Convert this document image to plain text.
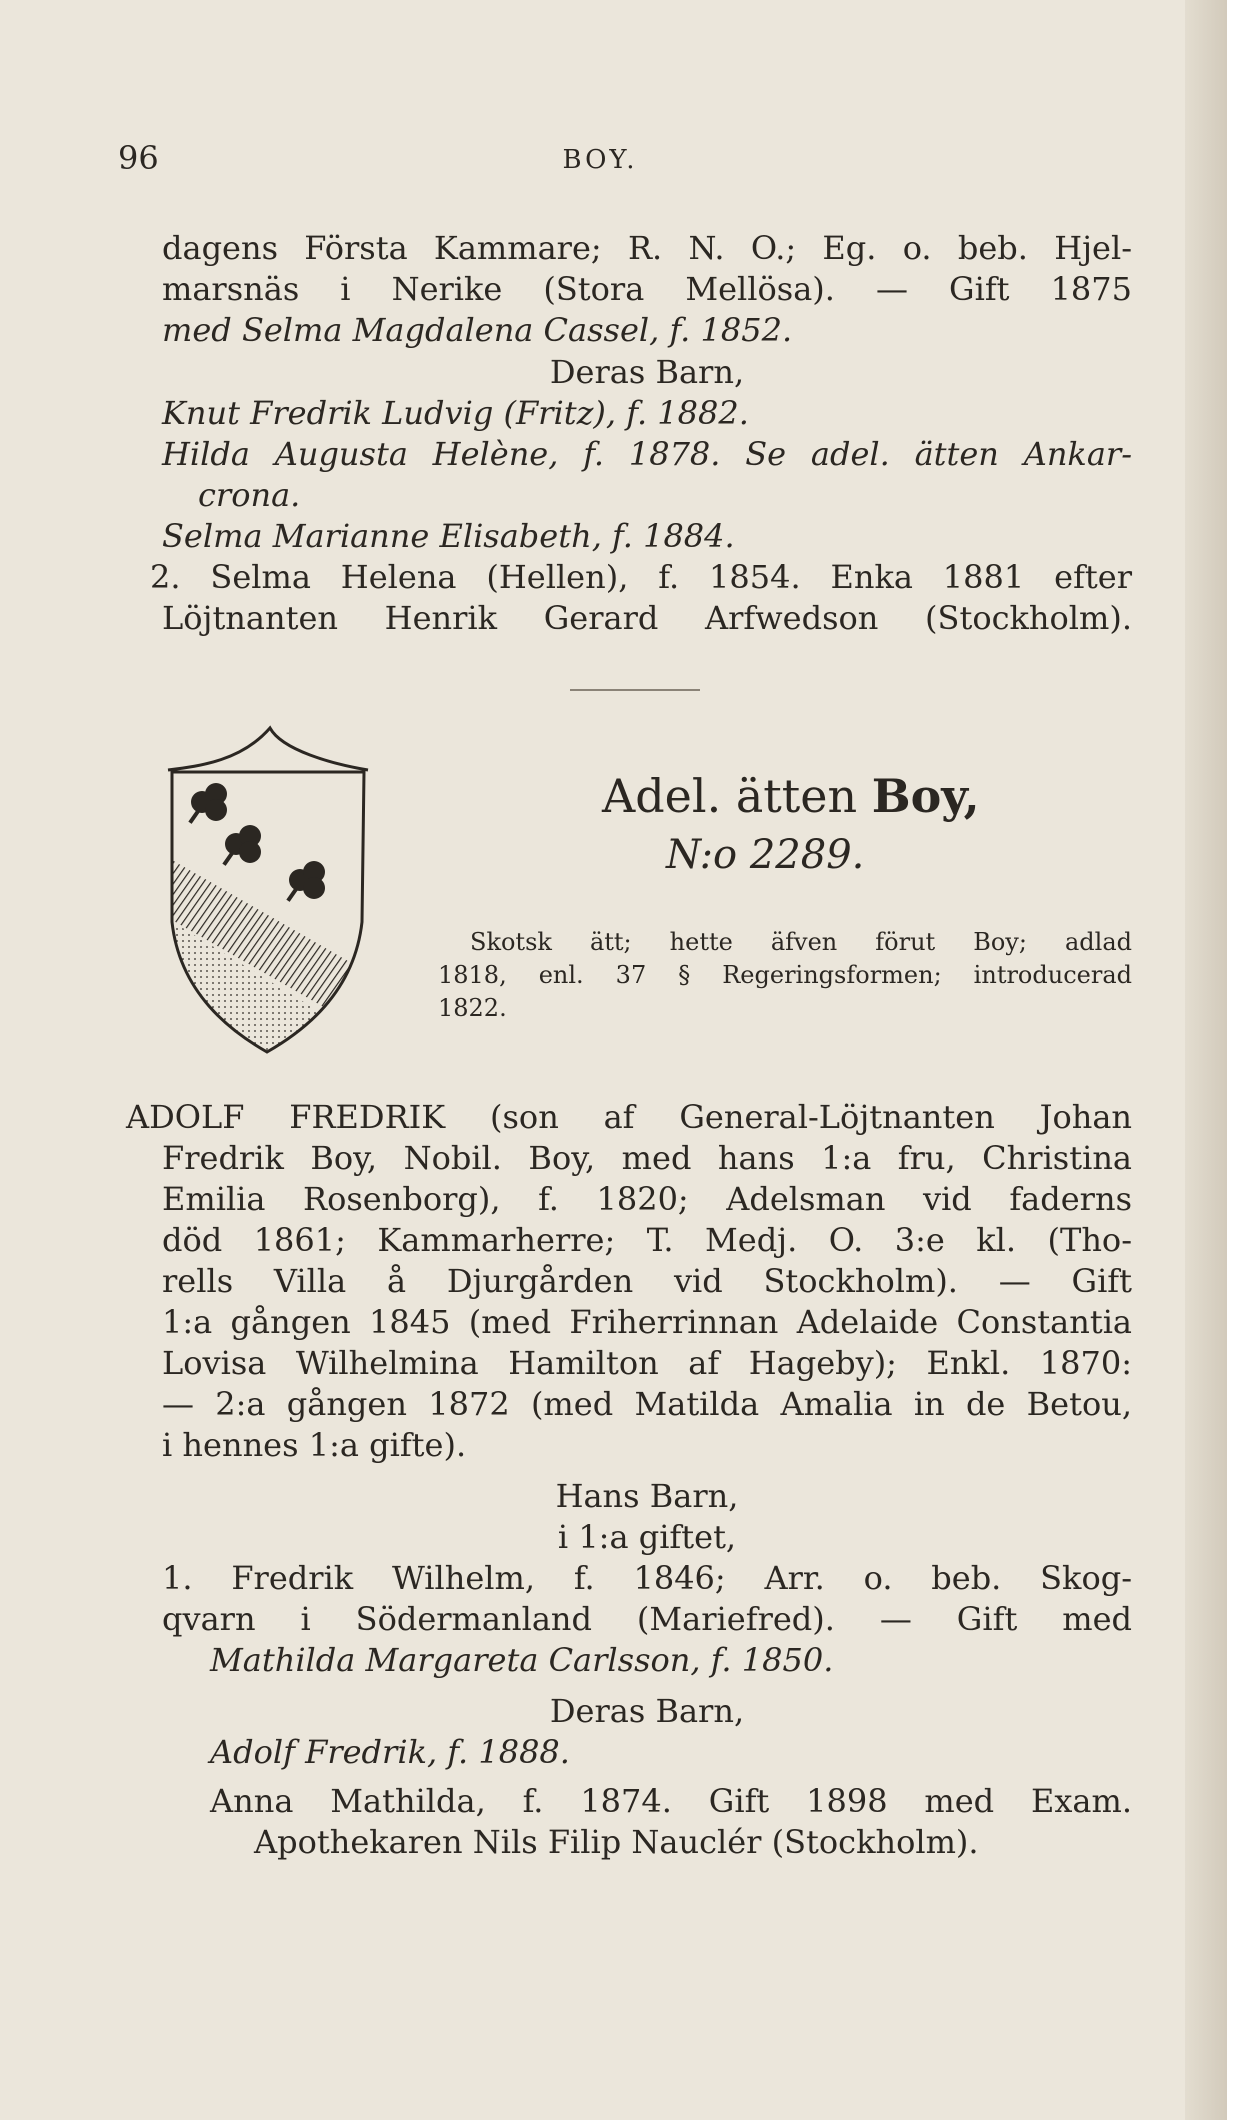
96	BOY.
dagens Första Kammare; R. N. O.; Eg. o. beb. Hjel-
marsnäs i Nerike (Stora Mellösa). — Gift 1875
med Selma Magdalena Cassel, f. 1852.
Deras Barn,
Knut Fredrik Ludvig (Fritz), f. 1882.
Hilda Augusta Helène, f. 1878. Se adel. ätten Ankar-
crona.
Selma Marianne Elisabeth, f. 1884.
2. Selma Helena (Hellen), f. 1854. Enka 1881 efter
Löjtnanten Henrik Gerard Arfwedson (Stockholm).
Adel. ätten Boy,
N:o 2289.
Skotsk ätt; hette äfven förut Boy; adlad
1818, enl. 37 § Regeringsformen; introducerad
1822.
ADOLF FREDRIK (son af General-Löjtnanten Johan
Fredrik Boy, Nobil. Boy, med hans 1:a fru, Christina
Emilia Rosenborg), f. 1820; Adelsman vid faderns
död 1861; Kammarherre; T. Medj. O. 3:e kl. (Tho-
rells Villa å Djurgården vid Stockholm). — Gift
1:a gången 1845 (med Friherrinnan Adelaide Constantia
Lovisa Wilhelmina Hamilton af Hageby); Enkl. 1870:
— 2:a gången 1872 (med Matilda Amalia in de Betou,
i hennes 1:a gifte).
Hans Barn,
i 1:a giftet,
1. Fredrik Wilhelm, f. 1846; Arr. o. beb. Skog-
qvarn i Södermanland (Mariefred). — Gift med
Mathilda Margareta Carlsson, f. 1850.
Deras Barn,
Adolf Fredrik, f. 1888.
Anna Mathilda, f. 1874. Gift 1898 med Exam.
Apothekaren Nils Filip Nauclér (Stockholm).
